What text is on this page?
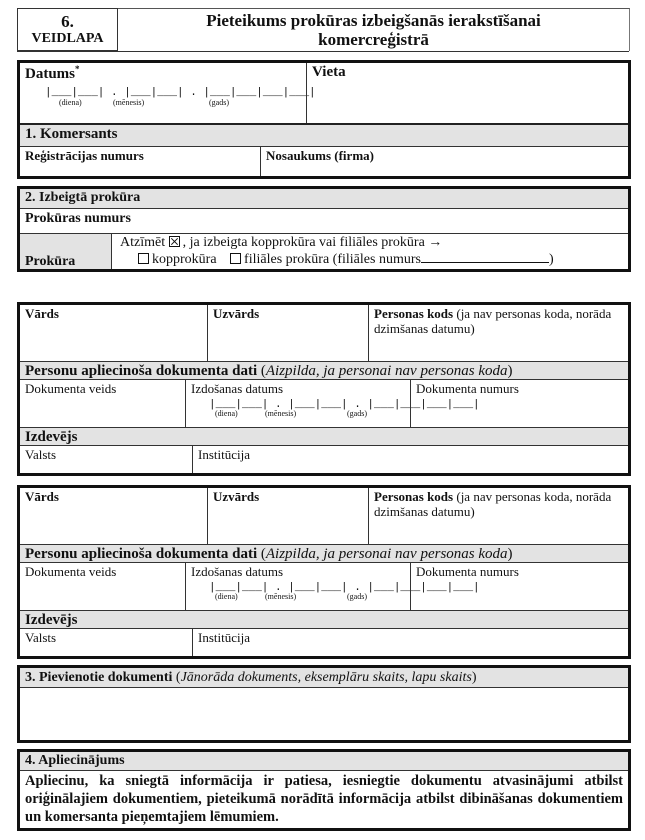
6.
VEIDLAPA
Pieteikums prokūras izbeigšanās ierakstīšanai
komercreģistrā
Datums*
|___|___| . |___|___| . |___|___|___|___|
(diena)	(mēnesis)	(gads)
Vieta
1. Komersants
Reģistrācijas numurs	Nosaukums (firma)
2. Izbeigtā prokūra
Prokūras numurs
Prokūra
Atzīmēt , ja izbeigta kopprokūra vai filiāles prokūra →
kopprokūra filiāles prokūra (filiāles numurs	)
Vārds	Uzvārds	Personas kods (ja nav personas koda, norāda dzimšanas datumu)
Personu apliecinoša dokumenta dati (Aizpilda, ja personai nav personas koda)
Dokumenta veids	Izdošanas datums
|___|___| . |___|___| . |___|___|___|___|
(diena)	(mēnesis)	(gads)
Dokumenta numurs
Izdevējs
Valsts	Institūcija
Vārds	Uzvārds	Personas kods (ja nav personas koda, norāda dzimšanas datumu)
Personu apliecinoša dokumenta dati (Aizpilda, ja personai nav personas koda)
Dokumenta veids	Izdošanas datums
|___|___| . |___|___| . |___|___|___|___|
(diena)	(mēnesis)	(gads)
Dokumenta numurs
Izdevējs
Valsts	Institūcija
3. Pievienotie dokumenti (Jānorāda dokuments, eksemplāru skaits, lapu skaits)
4. Apliecinājums
Apliecinu, ka sniegtā informācija ir patiesa, iesniegtie dokumentu atvasinājumi atbilst oriģinālajiem dokumentiem, pieteikumā norādītā informācija atbilst dibināšanas dokumentiem un komersanta pieņemtajiem lēmumiem.
